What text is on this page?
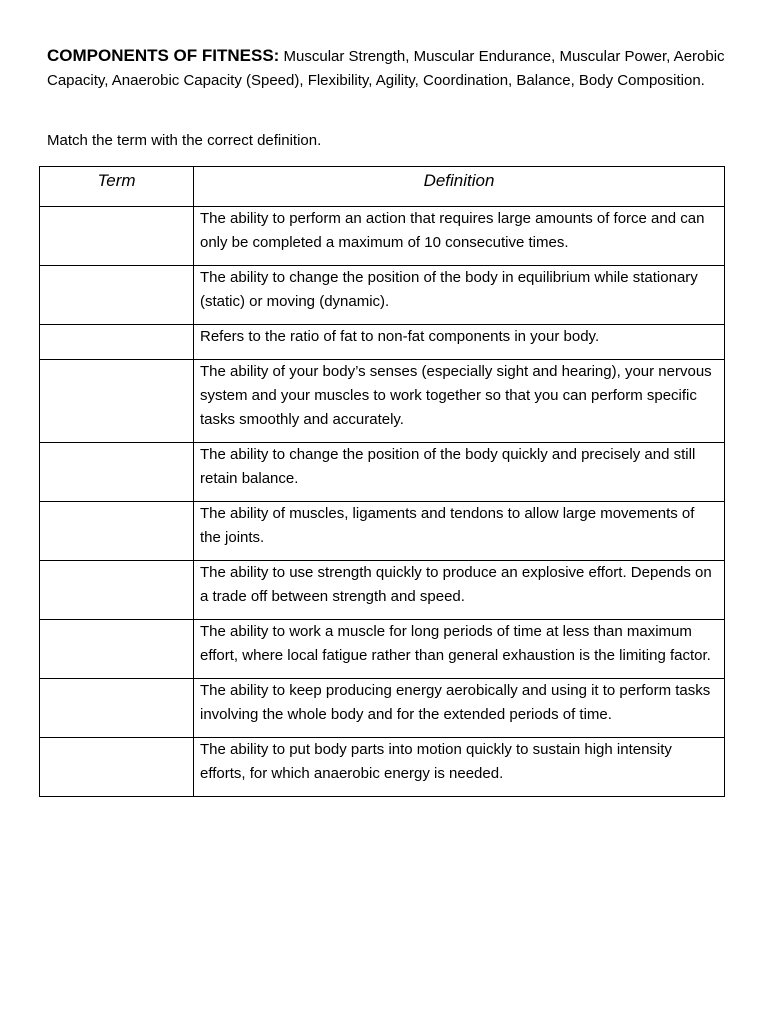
COMPONENTS OF FITNESS: Muscular Strength, Muscular Endurance, Muscular Power, Aerobic Capacity, Anaerobic Capacity (Speed), Flexibility, Agility, Coordination, Balance, Body Composition.
Match the term with the correct definition.
Term	Definition
	The ability to perform an action that requires large amounts of force and can only be completed a maximum of 10 consecutive times.
	The ability to change the position of the body in equilibrium while stationary (static) or moving (dynamic).
	Refers to the ratio of fat to non-fat components in your body.
	The ability of your body’s senses (especially sight and hearing), your nervous system and your muscles to work together so that you can perform specific tasks smoothly and accurately.
	The ability to change the position of the body quickly and precisely and still retain balance.
	The ability of muscles, ligaments and tendons to allow large movements of the joints.
	The ability to use strength quickly to produce an explosive effort. Depends on a trade off between strength and speed.
	The ability to work a muscle for long periods of time at less than maximum effort, where local fatigue rather than general exhaustion is the limiting factor.
	The ability to keep producing energy aerobically and using it to perform tasks involving the whole body and for the extended periods of time.
	The ability to put body parts into motion quickly to sustain high intensity efforts, for which anaerobic energy is needed.
